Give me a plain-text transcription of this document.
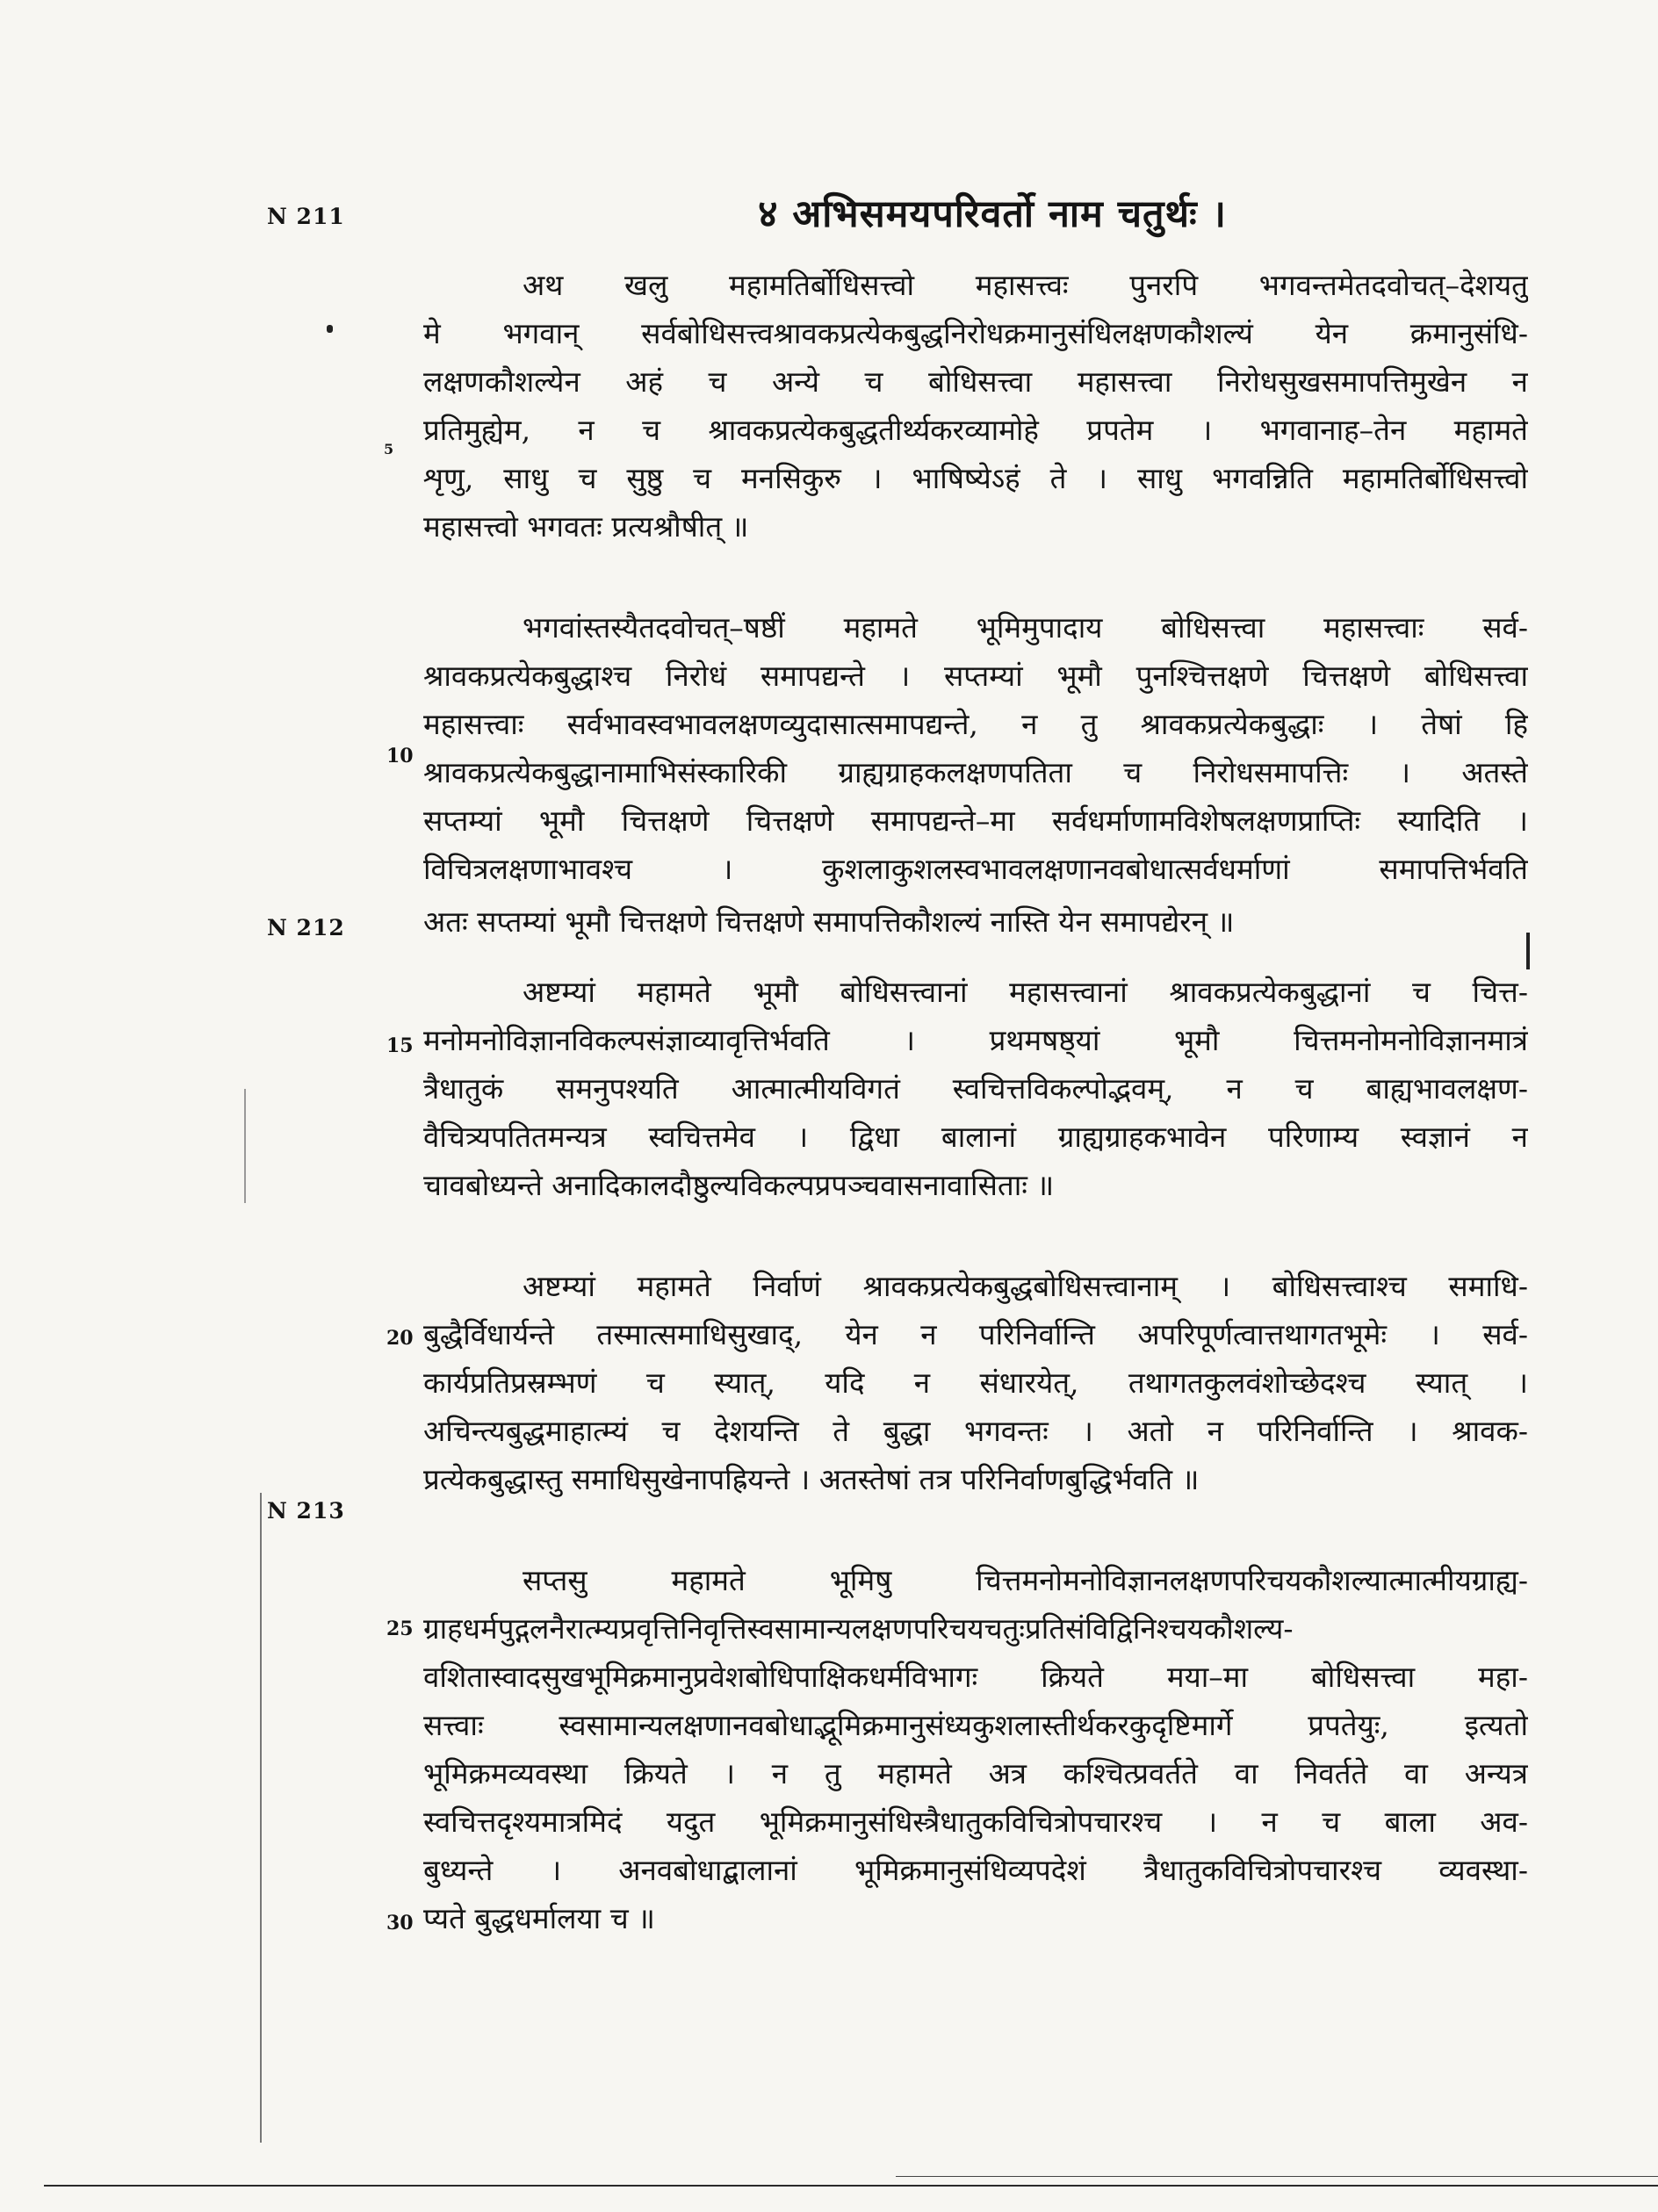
४ अभिसमयपरिवर्तो नाम चतुर्थः ।
N 211
N 212
N 213
5
10
15
20
25
30
अथ खलु महामतिर्बोधिसत्त्वो महासत्त्वः पुनरपि भगवन्तमेतदवोचत्–देशयतु
मे भगवान् सर्वबोधिसत्त्वश्रावकप्रत्येकबुद्धनिरोधक्रमानुसंधिलक्षणकौशल्यं येन क्रमानुसंधि-
लक्षणकौशल्येन अहं च अन्ये च बोधिसत्त्वा महासत्त्वा निरोधसुखसमापत्तिमुखेन न
प्रतिमुह्येम, न च श्रावकप्रत्येकबुद्धतीर्थ्यकरव्यामोहे प्रपतेम । भगवानाह–तेन महामते
शृणु, साधु च सुष्ठु च मनसिकुरु । भाषिष्येऽहं ते । साधु भगवन्निति महामतिर्बोधिसत्त्वो
महासत्त्वो भगवतः प्रत्यश्रौषीत् ॥
भगवांस्तस्यैतदवोचत्–षष्ठीं महामते भूमिमुपादाय बोधिसत्त्वा महासत्त्वाः सर्व-
श्रावकप्रत्येकबुद्धाश्च निरोधं समापद्यन्ते । सप्तम्यां भूमौ पुनश्चित्तक्षणे चित्तक्षणे बोधिसत्त्वा
महासत्त्वाः सर्वभावस्वभावलक्षणव्युदासात्समापद्यन्ते, न तु श्रावकप्रत्येकबुद्धाः । तेषां हि
श्रावकप्रत्येकबुद्धानामाभिसंस्कारिकी ग्राह्यग्राहकलक्षणपतिता च निरोधसमापत्तिः । अतस्ते
सप्तम्यां भूमौ चित्तक्षणे चित्तक्षणे समापद्यन्ते–मा सर्वधर्माणामविशेषलक्षणप्राप्तिः स्यादिति ।
विचित्रलक्षणाभावश्च । कुशलाकुशलस्वभावलक्षणानवबोधात्सर्वधर्माणां समापत्तिर्भवति
अतः सप्तम्यां भूमौ चित्तक्षणे चित्तक्षणे समापत्तिकौशल्यं नास्ति येन समापद्येरन् ॥
अष्टम्यां महामते भूमौ बोधिसत्त्वानां महासत्त्वानां श्रावकप्रत्येकबुद्धानां च चित्त-
मनोमनोविज्ञानविकल्पसंज्ञाव्यावृत्तिर्भवति । प्रथमषष्ठ्यां भूमौ चित्तमनोमनोविज्ञानमात्रं
त्रैधातुकं समनुपश्यति आत्मात्मीयविगतं स्वचित्तविकल्पोद्भवम्, न च बाह्यभावलक्षण-
वैचित्र्यपतितमन्यत्र स्वचित्तमेव । द्विधा बालानां ग्राह्यग्राहकभावेन परिणाम्य स्वज्ञानं न
चावबोध्यन्ते अनादिकालदौष्ठुल्यविकल्पप्रपञ्चवासनावासिताः ॥
अष्टम्यां महामते निर्वाणं श्रावकप्रत्येकबुद्धबोधिसत्त्वानाम् । बोधिसत्त्वाश्च समाधि-
बुद्धैर्विधार्यन्ते तस्मात्समाधिसुखाद्, येन न परिनिर्वान्ति अपरिपूर्णत्वात्तथागतभूमेः । सर्व-
कार्यप्रतिप्रस्रम्भणं च स्यात्, यदि न संधारयेत्, तथागतकुलवंशोच्छेदश्च स्यात् ।
अचिन्त्यबुद्धमाहात्म्यं च देशयन्ति ते बुद्धा भगवन्तः । अतो न परिनिर्वान्ति । श्रावक-
प्रत्येकबुद्धास्तु समाधिसुखेनापह्रियन्ते । अतस्तेषां तत्र परिनिर्वाणबुद्धिर्भवति ॥
सप्तसु महामते भूमिषु चित्तमनोमनोविज्ञानलक्षणपरिचयकौशल्यात्मात्मीयग्राह्य-
ग्राहधर्मपुद्गलनैरात्म्यप्रवृत्तिनिवृत्तिस्वसामान्यलक्षणपरिचयचतुःप्रतिसंविद्विनिश्चयकौशल्य-
वशितास्वादसुखभूमिक्रमानुप्रवेशबोधिपाक्षिकधर्मविभागः क्रियते मया–मा बोधिसत्त्वा महा-
सत्त्वाः स्वसामान्यलक्षणानवबोधाद्भूमिक्रमानुसंध्यकुशलास्तीर्थकरकुदृष्टिमार्गे प्रपतेयुः, इत्यतो
भूमिक्रमव्यवस्था क्रियते । न तु महामते अत्र कश्चित्प्रवर्तते वा निवर्तते वा अन्यत्र
स्वचित्तदृश्यमात्रमिदं यदुत भूमिक्रमानुसंधिस्त्रैधातुकविचित्रोपचारश्च । न च बाला अव-
बुध्यन्ते । अनवबोधाद्बालानां भूमिक्रमानुसंधिव्यपदेशं त्रैधातुकविचित्रोपचारश्च व्यवस्था-
प्यते बुद्धधर्मालया च ॥
